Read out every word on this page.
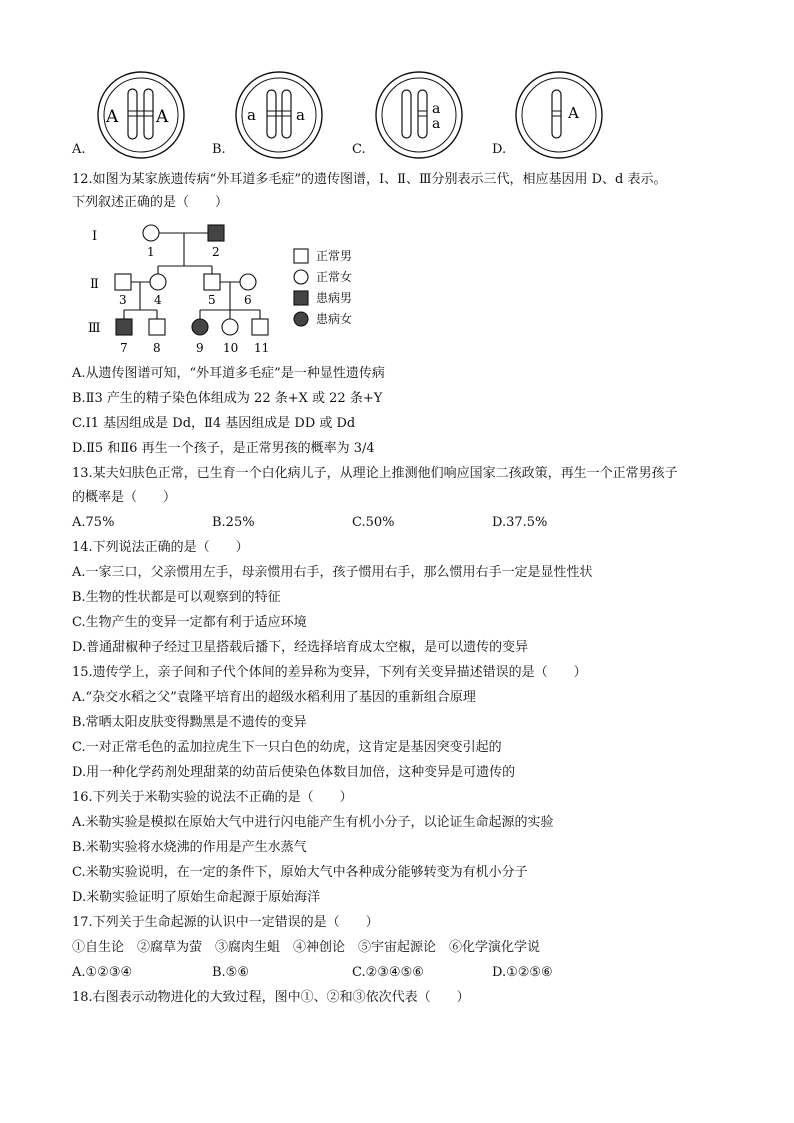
A A
A.
a	a
B.
a
a
C.
A
D.
12.如图为某家族遗传病“外耳道多毛症”的遗传图谱，Ⅰ、Ⅱ、Ⅲ分别表示三代，相应基因用 D、d 表示。
下列叙述正确的是（　　）
Ⅰ
Ⅱ
Ⅲ
1	2
3 4	5 6
7 8	9 10 11
正常男
正常女
患病男
患病女
A.从遗传图谱可知，“外耳道多毛症”是一种显性遗传病
B.Ⅱ3 产生的精子染色体组成为 22 条+X 或 22 条+Y
C.Ⅰ1 基因组成是 Dd，Ⅱ4 基因组成是 DD 或 Dd
D.Ⅱ5 和Ⅱ6 再生一个孩子，是正常男孩的概率为 3/4
13.某夫妇肤色正常，已生育一个白化病儿子，从理论上推测他们响应国家二孩政策，再生一个正常男孩子
的概率是（　　）
A.75%	B.25%	C.50%	D.37.5%
14.下列说法正确的是（　　）
A.一家三口，父亲惯用左手，母亲惯用右手，孩子惯用右手，那么惯用右手一定是显性性状
B.生物的性状都是可以观察到的特征
C.生物产生的变异一定都有利于适应环境
D.普通甜椒种子经过卫星搭载后播下，经选择培育成太空椒，是可以遗传的变异
15.遗传学上，亲子间和子代个体间的差异称为变异，下列有关变异描述错误的是（　　）
A.“杂交水稻之父”袁隆平培育出的超级水稻利用了基因的重新组合原理
B.常晒太阳皮肤变得黝黑是不遗传的变异
C.一对正常毛色的孟加拉虎生下一只白色的幼虎，这肯定是基因突变引起的
D.用一种化学药剂处理甜菜的幼苗后使染色体数目加倍，这种变异是可遗传的
16.下列关于米勒实验的说法不正确的是（　　）
A.米勒实验是模拟在原始大气中进行闪电能产生有机小分子，以论证生命起源的实验
B.米勒实验将水烧沸的作用是产生水蒸气
C.米勒实验说明，在一定的条件下，原始大气中各种成分能够转变为有机小分子
D.米勒实验证明了原始生命起源于原始海洋
17.下列关于生命起源的认识中一定错误的是（　　）
①自生论　②腐草为萤　③腐肉生蛆　④神创论　⑤宇宙起源论　⑥化学演化学说
A.①②③④	B.⑤⑥	C.②③④⑤⑥	D.①②⑤⑥
18.右图表示动物进化的大致过程，图中①、②和③依次代表（　　）
